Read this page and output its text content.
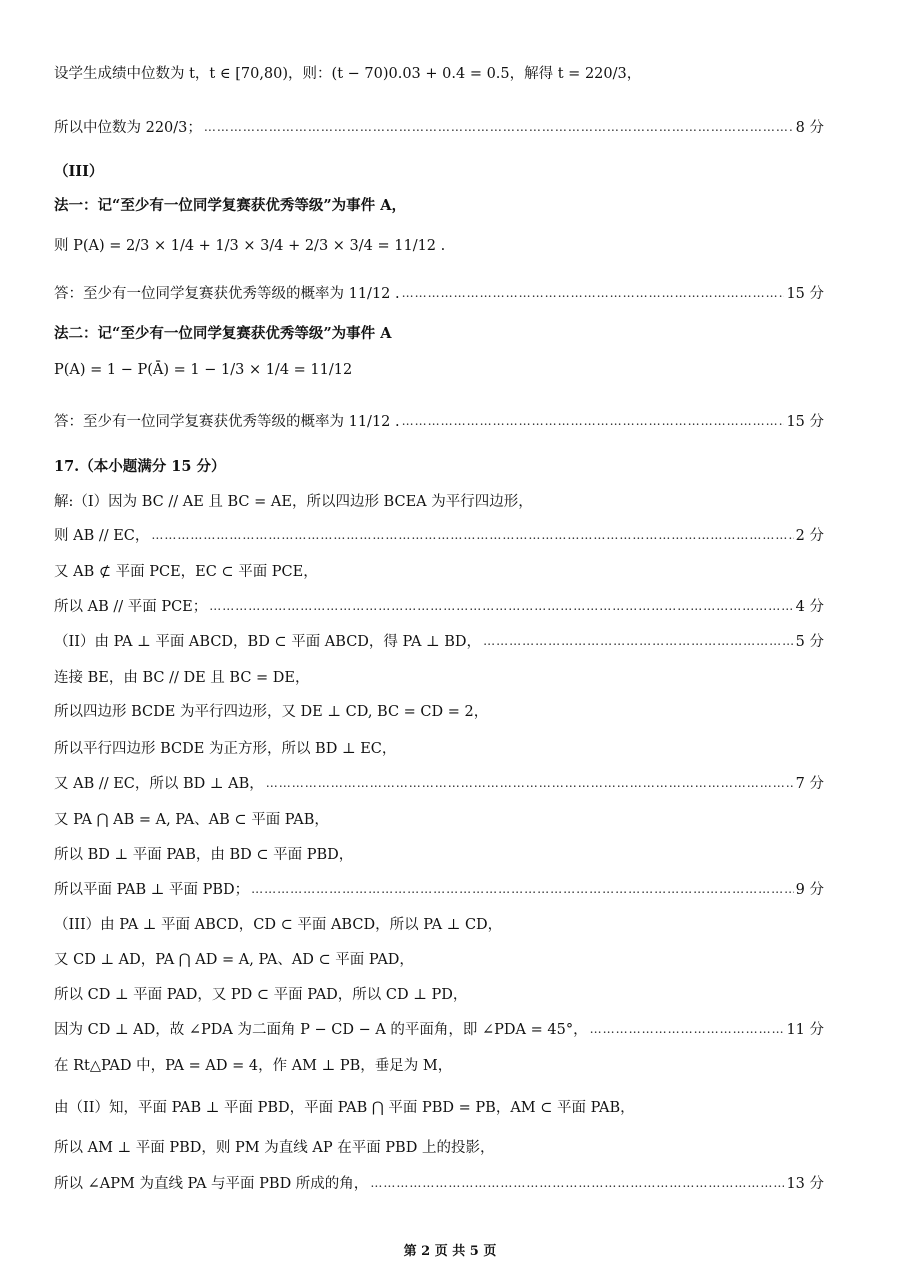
设学生成绩中位数为 t，t ∈ [70,80)，则：(t − 70)0.03 + 0.4 = 0.5，解得 t = 220/3，
所以中位数为 220/3； ……………………………………………………………………………………………………………………………………………………………………………………	8 分
（III）
法一：记“至少有一位同学复赛获优秀等级”为事件 A，
则 P(A) = 2/3 × 1/4 + 1/3 × 3/4 + 2/3 × 3/4 = 11/12 .
答：至少有一位同学复赛获优秀等级的概率为 11/12 . ……………………………………………………………………………………………………………………………………………………………………………………	15 分
法二：记“至少有一位同学复赛获优秀等级”为事件 A
P(A) = 1 − P(Ā) = 1 − 1/3 × 1/4 = 11/12
答：至少有一位同学复赛获优秀等级的概率为 11/12 . ……………………………………………………………………………………………………………………………………………………………………………………	15 分
17.（本小题满分 15 分）
解:（I）因为 BC // AE 且 BC = AE，所以四边形 BCEA 为平行四边形，
则 AB // EC， ……………………………………………………………………………………………………………………………………………………………………………………	2 分
又 AB ⊄ 平面 PCE，EC ⊂ 平面 PCE，
所以 AB // 平面 PCE； ……………………………………………………………………………………………………………………………………………………………………………………	4 分
（II）由 PA ⊥ 平面 ABCD，BD ⊂ 平面 ABCD，得 PA ⊥ BD， ……………………………………………………………………………………………………………………………………………………………………………………	5 分
连接 BE，由 BC // DE 且 BC = DE，
所以四边形 BCDE 为平行四边形，又 DE ⊥ CD, BC = CD = 2，
所以平行四边形 BCDE 为正方形，所以 BD ⊥ EC，
又 AB // EC，所以 BD ⊥ AB， ……………………………………………………………………………………………………………………………………………………………………………………	7 分
又 PA ⋂ AB = A, PA、AB ⊂ 平面 PAB，
所以 BD ⊥ 平面 PAB，由 BD ⊂ 平面 PBD，
所以平面 PAB ⊥ 平面 PBD； ……………………………………………………………………………………………………………………………………………………………………………………	9 分
（III）由 PA ⊥ 平面 ABCD，CD ⊂ 平面 ABCD，所以 PA ⊥ CD，
又 CD ⊥ AD，PA ⋂ AD = A, PA、AD ⊂ 平面 PAD，
所以 CD ⊥ 平面 PAD，又 PD ⊂ 平面 PAD，所以 CD ⊥ PD，
因为 CD ⊥ AD，故 ∠PDA 为二面角 P − CD − A 的平面角，即 ∠PDA = 45°， ……………………………………………………………………………………………………………………………………………………………………………………	11 分
在 Rt△PAD 中，PA = AD = 4，作 AM ⊥ PB，垂足为 M，
由（II）知，平面 PAB ⊥ 平面 PBD，平面 PAB ⋂ 平面 PBD = PB，AM ⊂ 平面 PAB，
所以 AM ⊥ 平面 PBD，则 PM 为直线 AP 在平面 PBD 上的投影，
所以 ∠APM 为直线 PA 与平面 PBD 所成的角， ……………………………………………………………………………………………………………………………………………………………………………………	13 分
第 2 页 共 5 页
